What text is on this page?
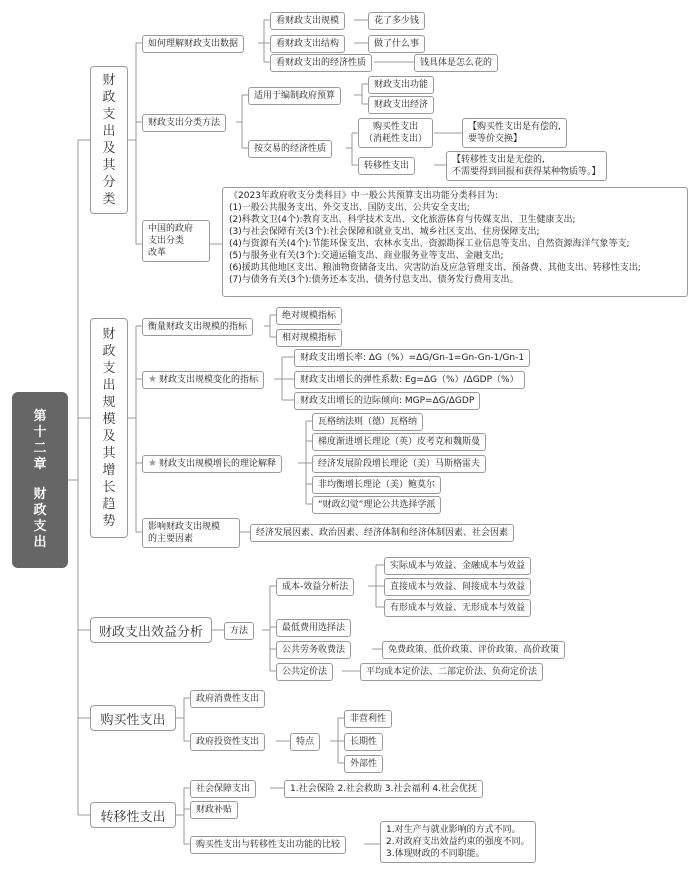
第
十
二
章
财
政
支
出
财
政
支
出
及
其
分
类
如何理解财政支出数据
看财政支出规模
看财政支出结构
看财政支出的经济性质
花了多少钱
做了什么事
钱具体是怎么花的
财政支出分类方法
适用于编制政府预算
财政支出功能
财政支出经济
按交易的经济性质
购买性支出
（消耗性支出）
【购买性支出是有偿的,
要等价交换】
转移性支出
【转移性支出是无偿的,
不需要得到回报和获得某种物质等。】
中国的政府
支出分类
改革
《2023年政府收支分类科目》中一般公共预算支出功能分类科目为:
(1)一般公共服务支出、外交支出、国防支出、公共安全支出;
(2)科教文卫(4个):教育支出、科学技术支出、文化旅游体育与传媒支出、卫生健康支出;
(3)与社会保障有关(3个):社会保障和就业支出、城乡社区支出、住房保障支出;
(4)与资源有关(4个):节能环保支出、农林水支出、资源勘探工业信息等支出、自然资源海洋气象等支;
(5)与服务业有关(3个):交通运输支出、商业服务业等支出、金融支出;
(6)援助其他地区支出、粮油物资储备支出、灾害防治及应急管理支出、预备费、其他支出、转移性支出;
(7)与债务有关(3个):债务还本支出、债务付息支出、债务发行费用支出。
财
政
支
出
规
模
及
其
增
长
趋
势
衡量财政支出规模的指标
绝对规模指标
相对规模指标
★ 财政支出规模变化的指标
财政支出增长率: ΔG（%）=ΔG/Gn-1=Gn-Gn-1/Gn-1
财政支出增长的弹性系数: Eg=ΔG（%）/ΔGDP（%）
财政支出增长的边际倾向: MGP=ΔG/ΔGDP
★ 财政支出规模增长的理论解释
瓦格纳法则（德）瓦格纳
梯度渐进增长理论（英）皮考克和魏斯曼
经济发展阶段增长理论（美）马斯格雷夫
非均衡增长理论（美）鲍莫尔
“财政幻觉”理论公共选择学派
影响财政支出规模
的主要因素
经济发展因素、政治因素、经济体制和经济体制因素、社会因素
财政支出效益分析	方法
成本-效益分析法
实际成本与效益、金融成本与效益
直接成本与效益、间接成本与效益
有形成本与效益、无形成本与效益
最低费用选择法
公共劳务收费法	免费政策、低价政策、评价政策、高价政策
公共定价法	平均成本定价法、二部定价法、负荷定价法
购买性支出
政府消费性支出
政府投资性支出	特点
非营利性
长期性
外部性
转移性支出
社会保障支出	1.社会保险 2.社会救助 3.社会福利 4.社会优抚
财政补贴
购买性支出与转移性支出功能的比较
1.对生产与就业影响的方式不同。
2.对政府支出效益约束的强度不同。
3.体现财政的不同职能。
